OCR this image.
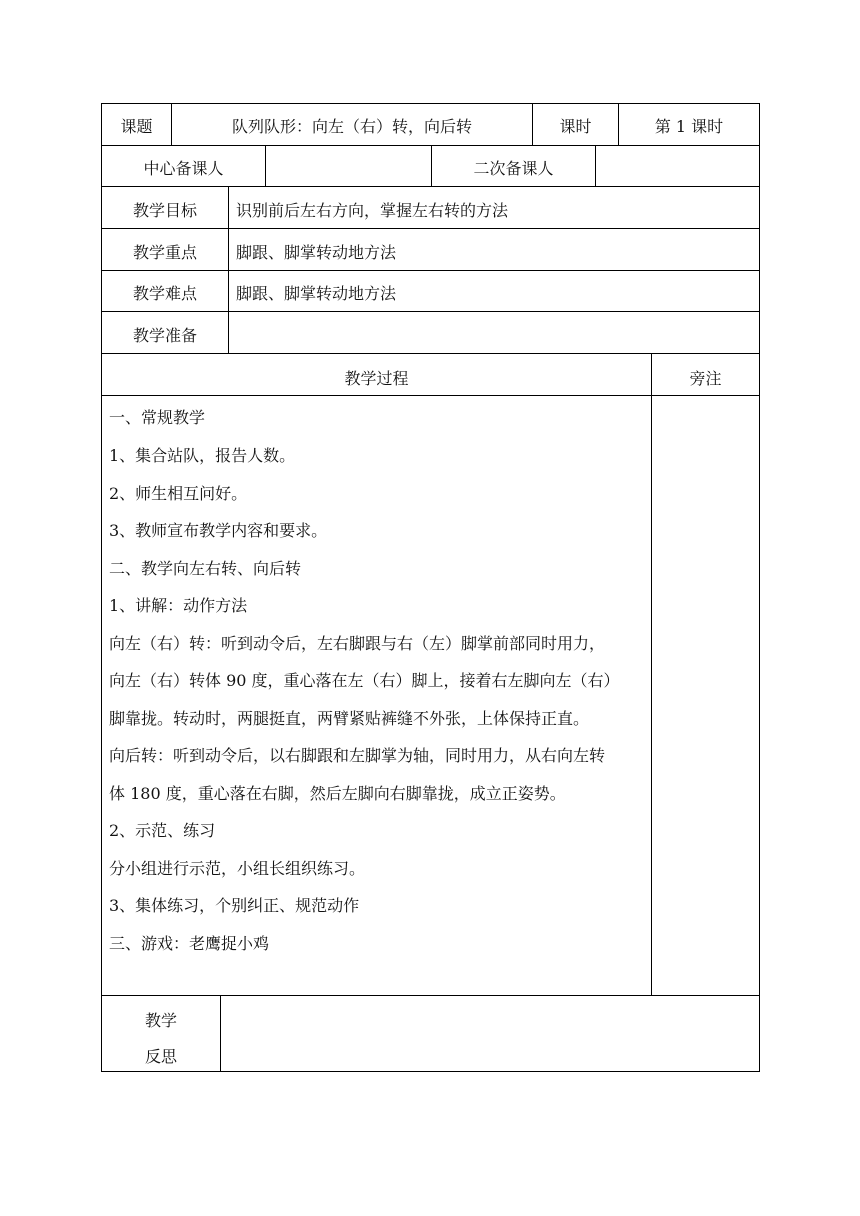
课题	队列队形：向左（右）转，向后转	课时	第 1 课时
中心备课人	二次备课人
教学目标	识别前后左右方向，掌握左右转的方法
教学重点	脚跟、脚掌转动地方法
教学难点	脚跟、脚掌转动地方法
教学准备
教学过程	旁注
一、常规教学
1、集合站队，报告人数。
2、师生相互问好。
3、教师宣布教学内容和要求。
二、教学向左右转、向后转
1、讲解：动作方法
向左（右）转：听到动令后，左右脚跟与右（左）脚掌前部同时用力，
向左（右）转体 90 度，重心落在左（右）脚上，接着右左脚向左（右）
脚靠拢。转动时，两腿挺直，两臂紧贴裤缝不外张，上体保持正直。
向后转：听到动令后，以右脚跟和左脚掌为轴，同时用力，从右向左转
体 180 度，重心落在右脚，然后左脚向右脚靠拢，成立正姿势。
2、示范、练习
分小组进行示范，小组长组织练习。
3、集体练习，个别纠正、规范动作
三、游戏：老鹰捉小鸡
教学
反思
